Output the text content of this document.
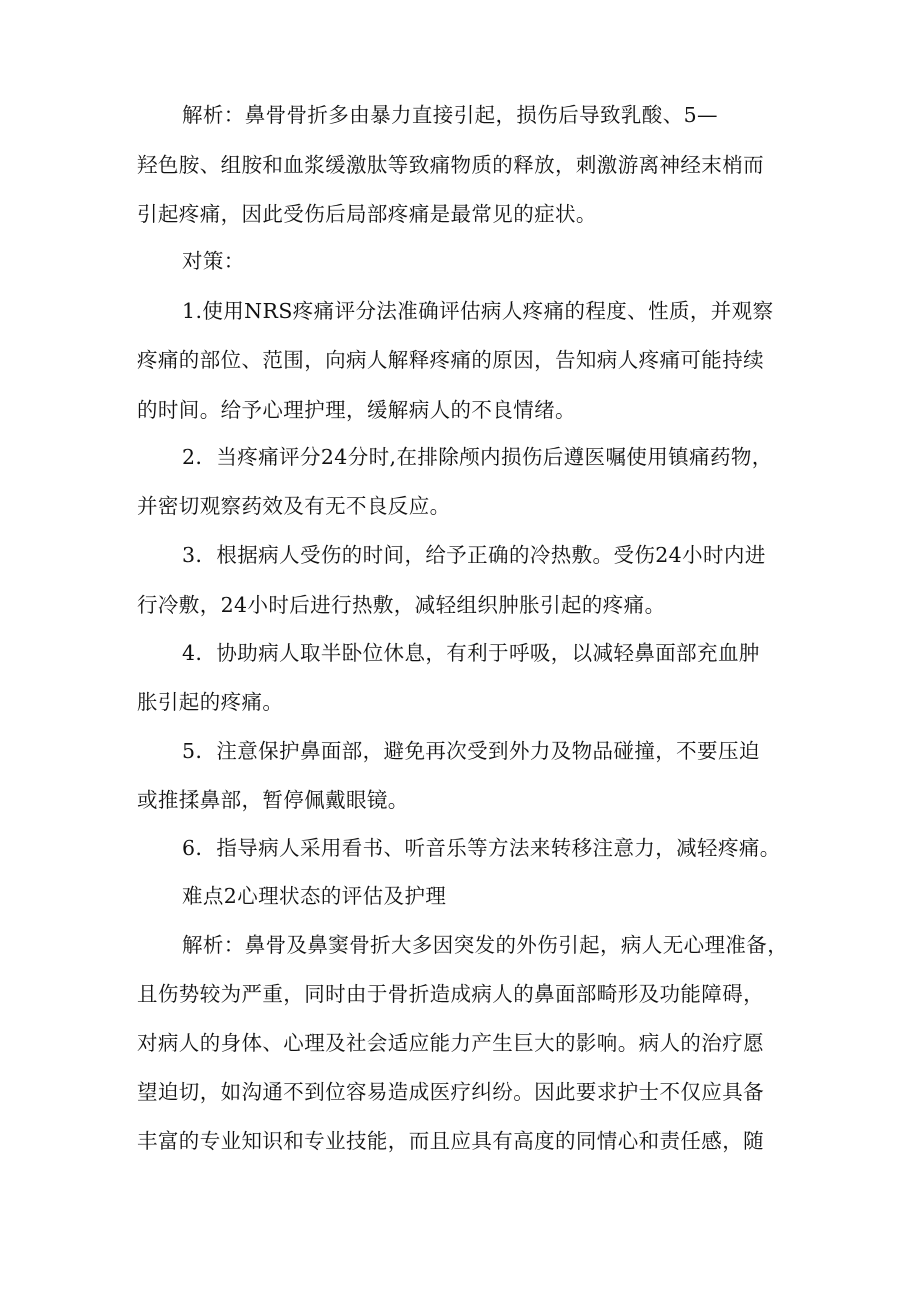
解析：鼻骨骨折多由暴力直接引起，损伤后导致乳酸、5—
羟色胺、组胺和血浆缓激肽等致痛物质的释放，刺激游离神经末梢而
引起疼痛，因此受伤后局部疼痛是最常见的症状。
对策：
1.使用NRS疼痛评分法准确评估病人疼痛的程度、性质，并观察
疼痛的部位、范围，向病人解释疼痛的原因，告知病人疼痛可能持续
的时间。给予心理护理，缓解病人的不良情绪。
2．当疼痛评分24分时,在排除颅内损伤后遵医嘱使用镇痛药物，
并密切观察药效及有无不良反应。
3．根据病人受伤的时间，给予正确的冷热敷。受伤24小时内进
行冷敷，24小时后进行热敷，减轻组织肿胀引起的疼痛。
4．协助病人取半卧位休息，有利于呼吸，以减轻鼻面部充血肿
胀引起的疼痛。
5．注意保护鼻面部，避免再次受到外力及物品碰撞，不要压迫
或推揉鼻部，暂停佩戴眼镜。
6．指导病人采用看书、听音乐等方法来转移注意力，减轻疼痛。
难点2心理状态的评估及护理
解析：鼻骨及鼻窦骨折大多因突发的外伤引起，病人无心理准备，
且伤势较为严重，同时由于骨折造成病人的鼻面部畸形及功能障碍，
对病人的身体、心理及社会适应能力产生巨大的影响。病人的治疗愿
望迫切，如沟通不到位容易造成医疗纠纷。因此要求护士不仅应具备
丰富的专业知识和专业技能，而且应具有高度的同情心和责任感，随
